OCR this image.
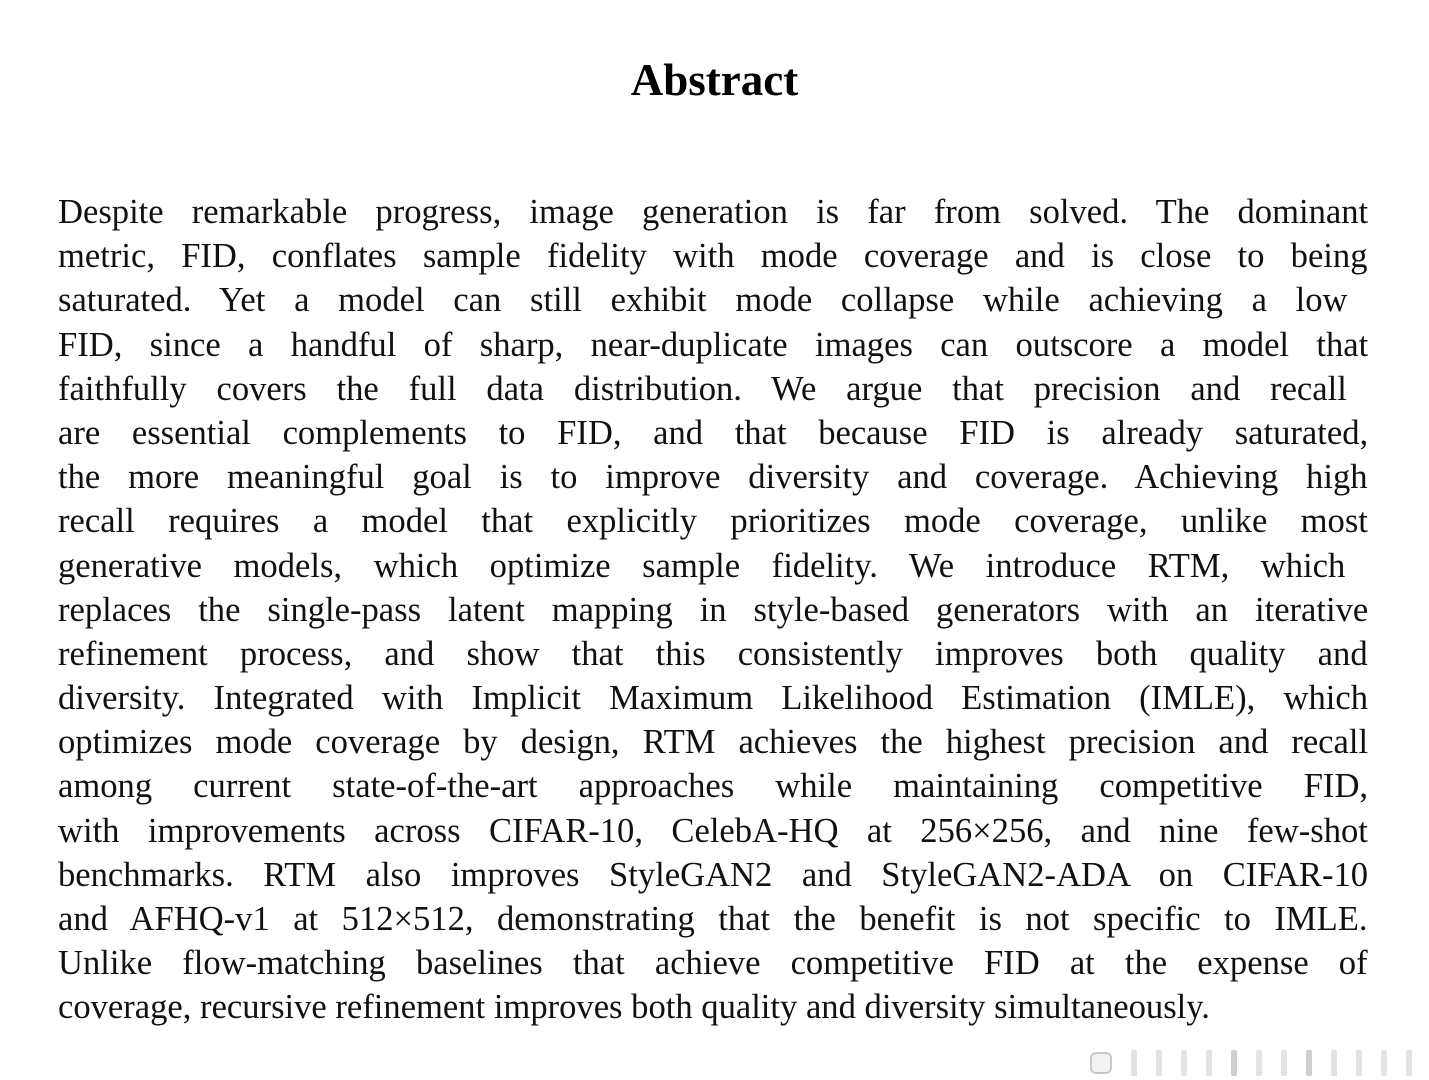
Abstract
Despite remarkable progress, image generation is far from solved. The dominant
metric, FID, conflates sample fidelity with mode coverage and is close to being
saturated. Yet a model can still exhibit mode collapse while achieving a low
FID, since a handful of sharp, near-duplicate images can outscore a model that
faithfully covers the full data distribution. We argue that precision and recall
are essential complements to FID, and that because FID is already saturated,
the more meaningful goal is to improve diversity and coverage. Achieving high
recall requires a model that explicitly prioritizes mode coverage, unlike most
generative models, which optimize sample fidelity. We introduce RTM, which
replaces the single-pass latent mapping in style-based generators with an iterative
refinement process, and show that this consistently improves both quality and
diversity. Integrated with Implicit Maximum Likelihood Estimation (IMLE), which
optimizes mode coverage by design, RTM achieves the highest precision and recall
among current state-of-the-art approaches while maintaining competitive FID,
with improvements across CIFAR-10, CelebA-HQ at 256×256, and nine few-shot
benchmarks. RTM also improves StyleGAN2 and StyleGAN2-ADA on CIFAR-10
and AFHQ-v1 at 512×512, demonstrating that the benefit is not specific to IMLE.
Unlike flow-matching baselines that achieve competitive FID at the expense of
coverage, recursive refinement improves both quality and diversity simultaneously.
